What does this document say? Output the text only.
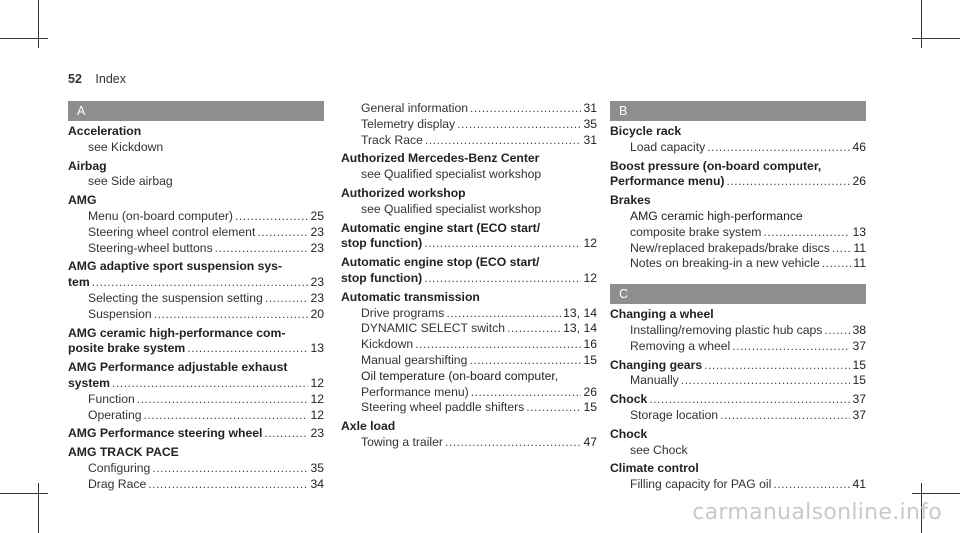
52 Index
A
Acceleration
see Kickdown
Airbag
see Side airbag
AMG
Menu (on-board computer) .....	25
Steering wheel control element .....	23
Steering-wheel buttons .....	23
AMG adaptive sport suspension sys-
tem .....	23
Selecting the suspension setting .....	23
Suspension .....	20
AMG ceramic high-performance com-
posite brake system .....	13
AMG Performance adjustable exhaust
system .....	12
Function .....	12
Operating .....	12
AMG Performance steering wheel .....	23
AMG TRACK PACE
Configuring .....	35
Drag Race .....	34
General information .....	31
Telemetry display .....	35
Track Race .....	31
Authorized Mercedes-Benz Center
see Qualified specialist workshop
Authorized workshop
see Qualified specialist workshop
Automatic engine start (ECO start/
stop function) .....	12
Automatic engine stop (ECO start/
stop function) .....	12
Automatic transmission
Drive programs .....	13, 14
DYNAMIC SELECT switch .....	13, 14
Kickdown .....	16
Manual gearshifting .....	15
Oil temperature (on-board computer,
Performance menu) .....	26
Steering wheel paddle shifters .....	15
Axle load
Towing a trailer .....	47
B
Bicycle rack
Load capacity .....	46
Boost pressure (on-board computer,
Performance menu) .....	26
Brakes
AMG ceramic high-performance
composite brake system .....	13
New/replaced brakepads/brake discs ..... 11
Notes on breaking-in a new vehicle .....	11
C
Changing a wheel
Installing/removing plastic hub caps ..... 38
Removing a wheel .....	37
Changing gears .....	15
Manually .....	15
Chock .....	37
Storage location .....	37
Chock
see Chock
Climate control
Filling capacity for PAG oil .....	41
carmanualsonline.info
